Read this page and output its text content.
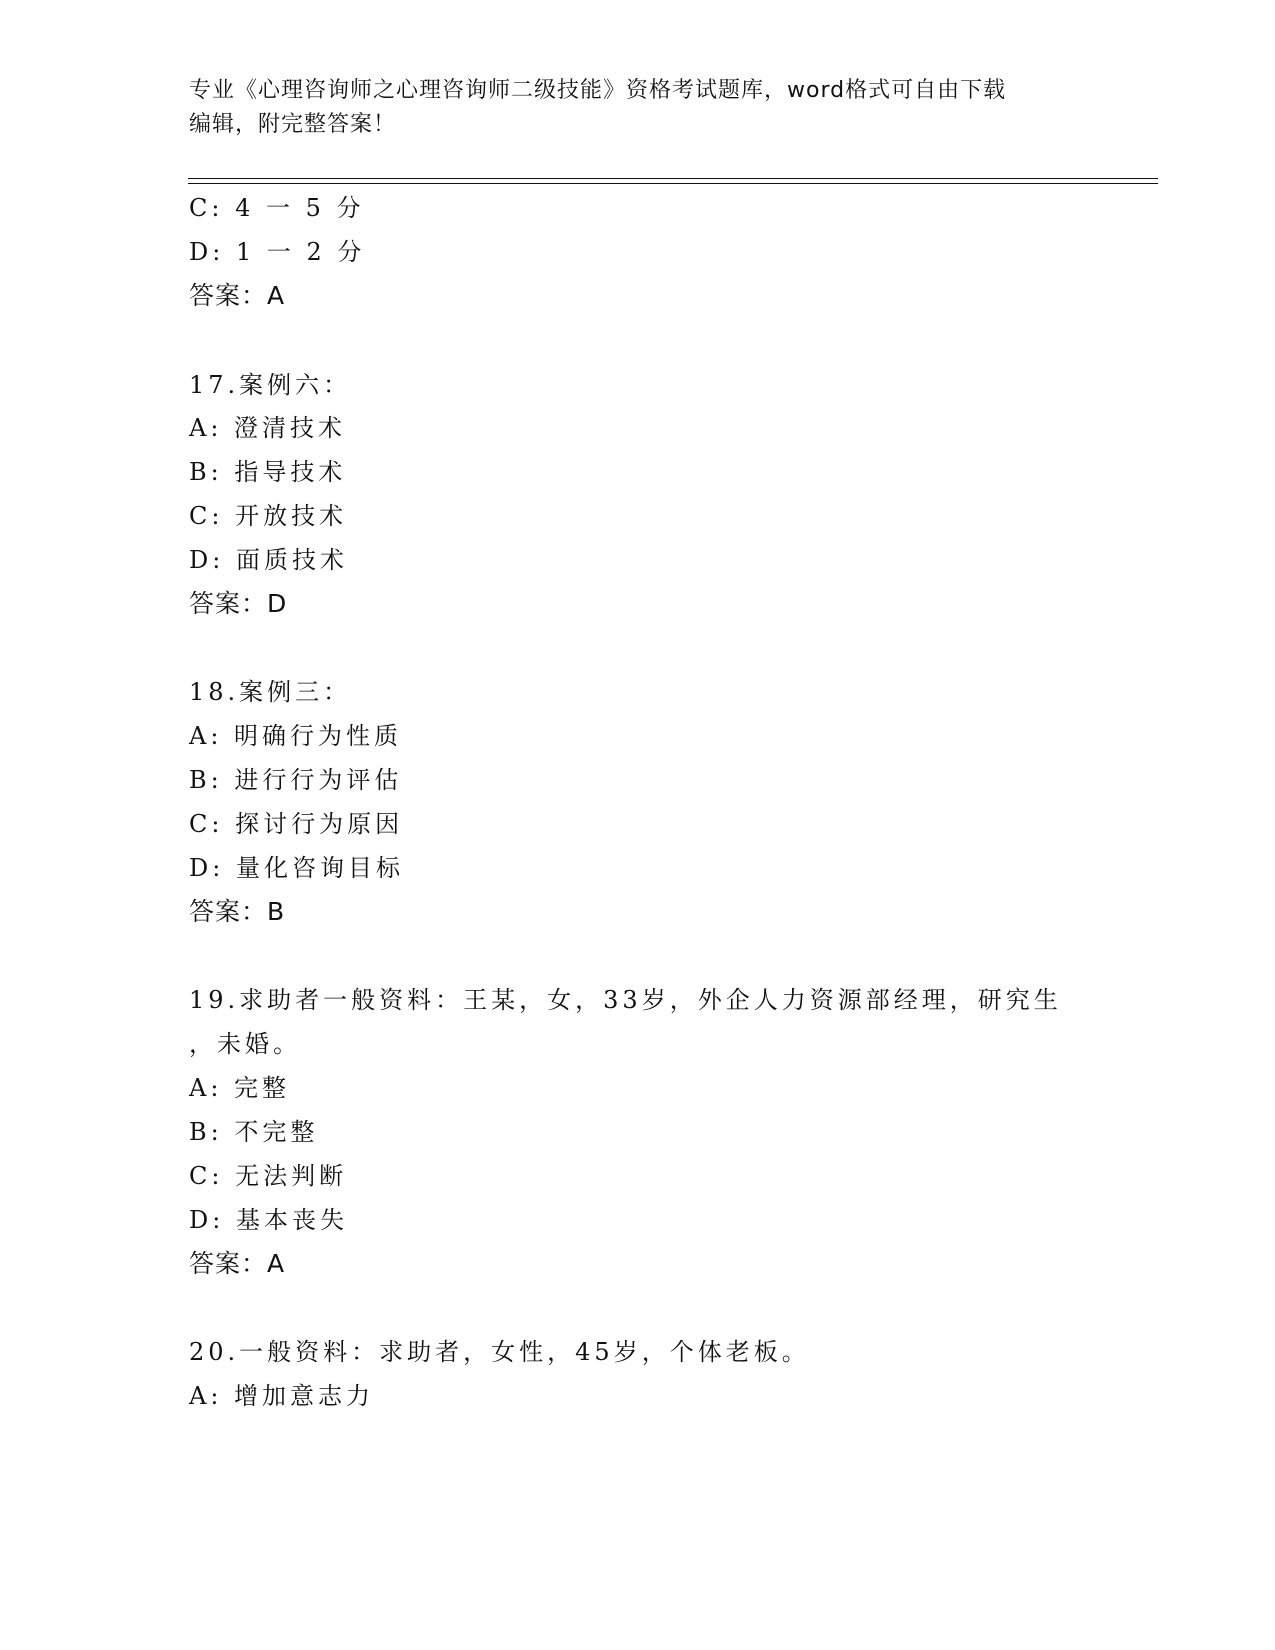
专业《心理咨询师之心理咨询师二级技能》资格考试题库，word格式可自由下载
编辑，附完整答案！
C: 4 一 5 分
D: 1 一 2 分
答案：A
17.案例六：
A: 澄清技术
B: 指导技术
C: 开放技术
D: 面质技术
答案：D
18.案例三：
A: 明确行为性质
B: 进行行为评估
C: 探讨行为原因
D: 量化咨询目标
答案：B
19.求助者一般资料：王某，女，33岁，外企人力资源部经理，研究生
，未婚。
A: 完整
B: 不完整
C: 无法判断
D: 基本丧失
答案：A
20.一般资料：求助者，女性，45岁，个体老板。
A: 增加意志力
